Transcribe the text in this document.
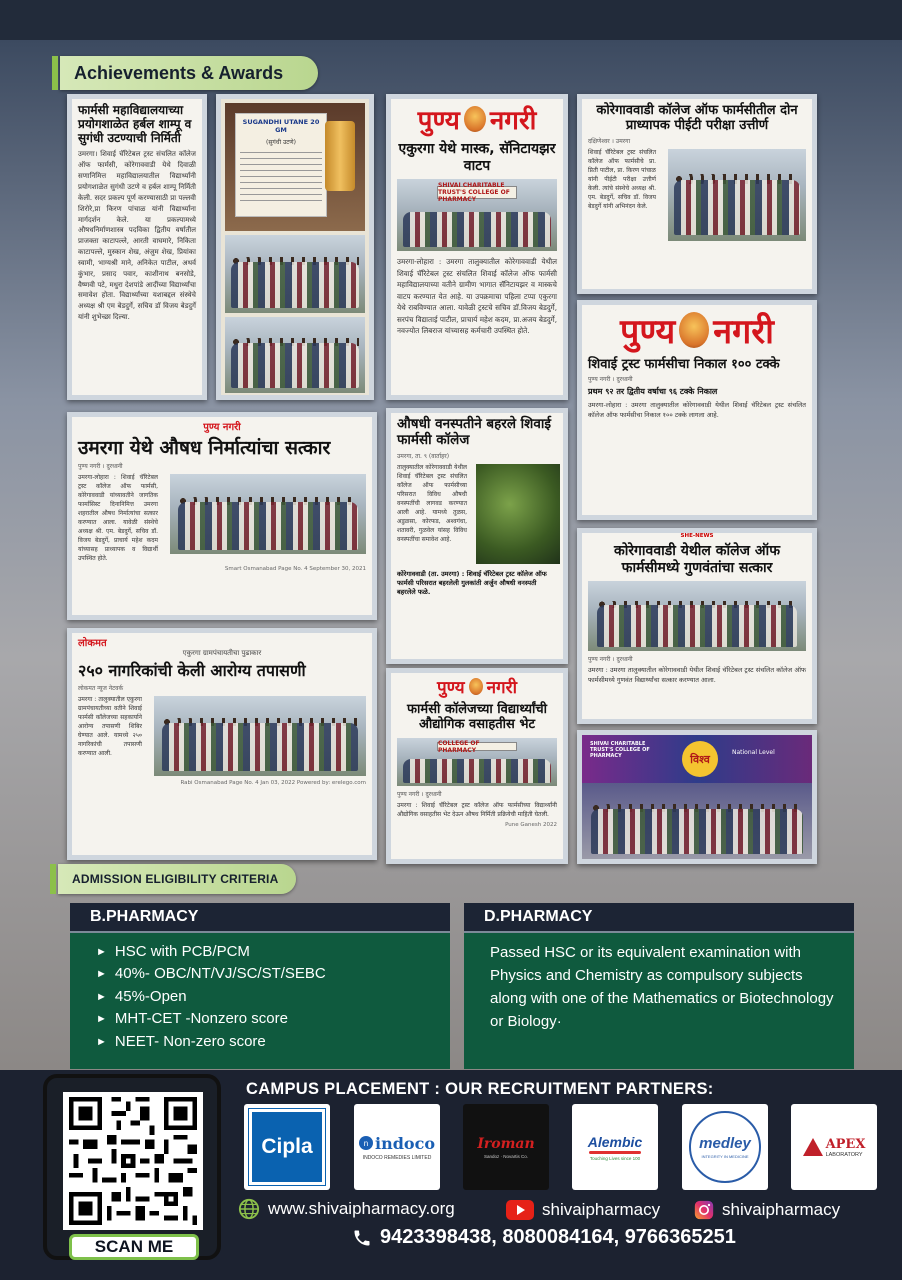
Achievements & Awards
फार्मसी महाविद्यालयाच्या प्रयोगशाळेत हर्बल शाम्पू व सुगंधी उटण्याची निर्मिती
उमरगा। शिवाई चॅरिटेबल ट्रस्ट संचलित कॉलेज ऑफ फार्मसी, कोरेगाववाडी येथे दिवाळी सणानिमित्त महाविद्यालयातील विद्यार्थ्यांनी प्रयोगशाळेत सुगंधी उटणे व हर्बल शाम्पू निर्मिती केली. सदर प्रकल्प पूर्ण करण्यासाठी प्रा पल्लवी शिरोरे,प्रा किरण पांचाळ यांनी विद्यार्थ्यांना मार्गदर्शन केले. या प्रकल्पामध्ये औषधनिर्माणशास्त्र पदविका द्वितीय वर्षातील प्राजक्ता काटापल्ले, आरती वाघमारे, निकिता काटापल्ले, मुस्कान शेख, अंजुम शेख, प्रियांका स्वामी, भाग्यश्री माने, अनिकेत पाटील, अथर्व कुंभार, प्रसाद पवार, काशीनाथ बनसोडे, वैष्णवी पटे, मधुरा देशपांडे आदींच्या विद्यार्थ्यांचा समावेश होता. विद्यार्थ्यांच्या यशाबद्दल संस्थेचे अध्यक्ष श्री एम बेडदुर्गे, सचिव डॉ विजय बेडदुर्गे यांनी शुभेच्छा दिल्या.
SUGANDHI UTANE 20 GM
(सुगंधी उटणे)
पुण्य नगरी
एकुरगा येथे मास्क, सॅनिटायझर वाटप
SHIVAI CHARITABLE TRUST'S COLLEGE OF PHARMACY
उमरगा-लोहारा : उमरगा तालुक्यातील कोरेगाववाडी येथील शिवाई चॅरिटेबल ट्रस्ट संचलित शिवाई कॉलेज ऑफ फार्मसी महाविद्यालयाच्या वतीने ग्रामीण भागात सॅनिटायझर व मास्कचे वाटप करण्यात येत आहे. या उपक्रमाचा पहिला टप्पा एकुरगा येथे राबविण्यात आला. यावेळी ट्रस्टचे सचिव डॉ.विजय बेडदुर्गे, सरपंच विद्याताई पाटील, प्राचार्य महेश कदम, प्रा.अजय बेडदुर्गे, नवज्योत लिबराज यांच्यासह कर्मचारी उपस्थित होते.
कोरेगाववाडी कॉलेज ऑफ फार्मसीतील दोन प्राध्यापक पीईटी परीक्षा उत्तीर्ण
दक्षिणेश्वर । उमरगा
शिवाई चॅरिटेबल ट्रस्ट संचलित कॉलेज ऑफ फार्मसीचे प्रा. प्रिती पाटील, प्रा. किरण पांचाळ यांनी पीईटी परीक्षा उत्तीर्ण केली. त्यांचे संस्थेचे अध्यक्ष श्री. एम. बेडदुर्गे, सचिव डॉ. विजय बेडदुर्गे यांनी अभिनंदन केले.
पुण्य नगरी
शिवाई ट्रस्ट फार्मसीचा निकाल १०० टक्के
पुण्य नगरी । दुरध्वनी
प्रथम ९२ तर द्वितीय वर्षाचा ९६ टक्के निकाल
उमरगा-लोहारा : उमरगा तालुक्यातील कोरेगाववाडी येथील शिवाई चॅरिटेबल ट्रस्ट संचलित कॉलेज ऑफ फार्मसीचा निकाल १०० टक्के लागला आहे.
पुण्य नगरी
उमरगा येथे औषध निर्मात्यांचा सत्कार
पुण्य नगरी । दुरध्वनी
उमरगा-लोहारा : शिवाई चॅरिटेबल ट्रस्ट कॉलेज ऑफ फार्मसी, कोरेगाववाडी यांच्यावतीने जागतिक फार्मासिस्ट दिनानिमित्त उमरगा शहरातील औषध निर्मात्यांचा सत्कार करण्यात आला. यावेळी संस्थेचे अध्यक्ष श्री. एम. बेडदुर्गे, सचिव डॉ. विजय बेडदुर्गे, प्राचार्य महेश कदम यांच्यासह प्राध्यापक व विद्यार्थी उपस्थित होते.
Smart Osmanabad Page No. 4 September 30, 2021
औषधी वनस्पतीने बहरले शिवाई फार्मसी कॉलेज
उमरगा, ता. ९ (वार्ताहर)
तालुक्यातील कोरेगाववाडी येथील शिवाई चॅरिटेबल ट्रस्ट संचलित कॉलेज ऑफ फार्मसीच्या परिसरात विविध औषधी वनस्पतींची लागवड करण्यात आली आहे. यामध्ये तुळस, अडुळसा, कोरफड, अश्वगंधा, शतावरी, गुळवेल यांसह विविध वनस्पतींचा समावेश आहे.
कोरेगाववाडी (ता. उमरगा) : शिवाई चॅरिटेबल ट्रस्ट कॉलेज ऑफ फार्मसी परिसरात बहरलेली गुलकांती अर्जुन औषधी वनस्पती बहरलेले फळे.
SHE-NEWS
कोरेगाववाडी येथील कॉलेज ऑफ फार्मसीमध्ये गुणवंतांचा सत्कार
पुण्य नगरी । दुरध्वनी
उमरगा : उमरगा तालुक्यातील कोरेगाववाडी येथील शिवाई चॅरिटेबल ट्रस्ट संचलित कॉलेज ऑफ फार्मसीमध्ये गुणवंत विद्यार्थ्यांचा सत्कार करण्यात आला.
लोकमत
एकुरगा ग्रामपंचायतीचा पुढाकार
२५० नागरिकांची केली आरोग्य तपासणी
लोकमत न्यूज नेटवर्क
उमरगा : तालुक्यातील एकुरगा ग्रामपंचायतीच्या वतीने शिवाई फार्मसी कॉलेजच्या सहकार्याने आरोग्य तपासणी शिबिर घेण्यात आले. यामध्ये २५० नागरिकांची तपासणी करण्यात आली.
Rabi Osmanabad Page No. 4 Jan 03, 2022 Powered by: erelego.com
पुण्य नगरी
फार्मसी कॉलेजच्या विद्यार्थ्यांची औद्योगिक वसाहतीस भेट
COLLEGE OF PHARMACY
पुण्य नगरी । दुरध्वनी
उमरगा : शिवाई चॅरिटेबल ट्रस्ट कॉलेज ऑफ फार्मसीच्या विद्यार्थ्यांनी औद्योगिक वसाहतीस भेट देऊन औषध निर्मिती प्रक्रियेची माहिती घेतली.
Pune Ganesh 2022
SHIVAI CHARITABLE TRUST'S COLLEGE OF PHARMACY	विश्व	National Level
ADMISSION ELIGIBILITY CRITERIA
B.PHARMACY
► HSC with PCB/PCM
► 40%- OBC/NT/VJ/SC/ST/SEBC
► 45%-Open
► MHT-CET -Nonzero score
► NEET- Non-zero score
D.PHARMACY
Passed HSC or its equivalent examination with Physics and Chemistry as compulsory subjects along with one of the Mathematics or Biotechnology or Biology·
SCAN ME
CAMPUS PLACEMENT : OUR RECRUITMENT PARTNERS:
Cipla	n indoco
INDOCO REMEDIES LIMITED
Iroman
Sandoz · Novartis Co.
Alembic
Touching Lives since 100
medley
INTEGRITY IN MEDICINE
APEX
LABORATORY
www.shivaipharmacy.org	shivaipharmacy	shivaipharmacy
9423398438, 8080084164, 9766365251
